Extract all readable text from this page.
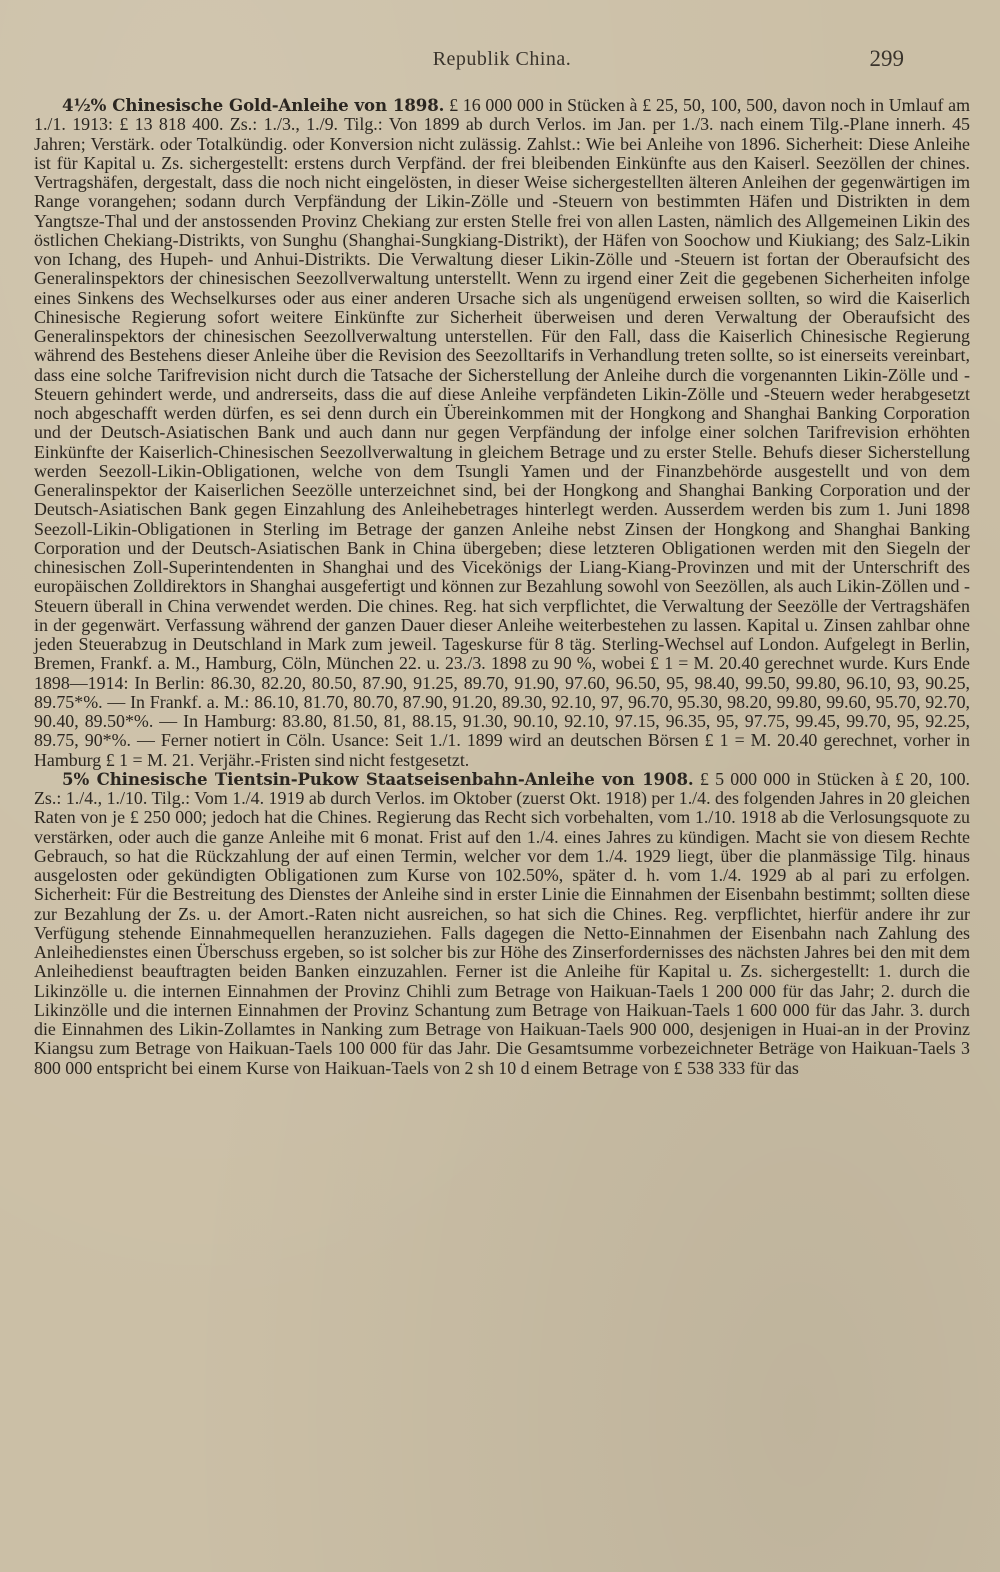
Republik China.	299

4½% Chinesische Gold-Anleihe von 1898. £ 16 000 000 in Stücken à £ 25, 50, 100, 500, davon noch in Umlauf am 1./1. 1913: £ 13 818 400. Zs.: 1./3., 1./9. Tilg.: Von 1899 ab durch Verlos. im Jan. per 1./3. nach einem Tilg.-Plane innerh. 45 Jahren; Verstärk. oder Totalkündig. oder Konversion nicht zulässig. Zahlst.: Wie bei Anleihe von 1896. Sicherheit: Diese Anleihe ist für Kapital u. Zs. sichergestellt: erstens durch Verpfänd. der frei bleibenden Einkünfte aus den Kaiserl. Seezöllen der chines. Vertragshäfen, dergestalt, dass die noch nicht eingelösten, in dieser Weise sichergestellten älteren Anleihen der gegenwärtigen im Range vorangehen; sodann durch Verpfändung der Likin-Zölle und -Steuern von bestimmten Häfen und Distrikten in dem Yangtsze-Thal und der anstossenden Provinz Chekiang zur ersten Stelle frei von allen Lasten, nämlich des Allgemeinen Likin des östlichen Chekiang-Distrikts, von Sunghu (Shanghai-Sungkiang-Distrikt), der Häfen von Soochow und Kiukiang; des Salz-Likin von Ichang, des Hupeh- und Anhui-Distrikts. Die Verwaltung dieser Likin-Zölle und -Steuern ist fortan der Oberaufsicht des Generalinspektors der chinesischen Seezollverwaltung unterstellt. Wenn zu irgend einer Zeit die gegebenen Sicherheiten infolge eines Sinkens des Wechselkurses oder aus einer anderen Ursache sich als ungenügend erweisen sollten, so wird die Kaiserlich Chinesische Regierung sofort weitere Einkünfte zur Sicherheit überweisen und deren Verwaltung der Oberaufsicht des Generalinspektors der chinesischen Seezollverwaltung unterstellen. Für den Fall, dass die Kaiserlich Chinesische Regierung während des Bestehens dieser Anleihe über die Revision des Seezolltarifs in Verhandlung treten sollte, so ist einerseits vereinbart, dass eine solche Tarifrevision nicht durch die Tatsache der Sicherstellung der Anleihe durch die vorgenannten Likin-Zölle und -Steuern gehindert werde, und andrerseits, dass die auf diese Anleihe verpfändeten Likin-Zölle und -Steuern weder herabgesetzt noch abgeschafft werden dürfen, es sei denn durch ein Übereinkommen mit der Hongkong and Shanghai Banking Corporation und der Deutsch-Asiatischen Bank und auch dann nur gegen Verpfändung der infolge einer solchen Tarifrevision erhöhten Einkünfte der Kaiserlich-Chinesischen Seezollverwaltung in gleichem Betrage und zu erster Stelle. Behufs dieser Sicherstellung werden Seezoll-Likin-Obligationen, welche von dem Tsungli Yamen und der Finanzbehörde ausgestellt und von dem Generalinspektor der Kaiserlichen Seezölle unterzeichnet sind, bei der Hongkong and Shanghai Banking Corporation und der Deutsch-Asiatischen Bank gegen Einzahlung des Anleihebetrages hinterlegt werden. Ausserdem werden bis zum 1. Juni 1898 Seezoll-Likin-Obligationen in Sterling im Betrage der ganzen Anleihe nebst Zinsen der Hongkong and Shanghai Banking Corporation und der Deutsch-Asiatischen Bank in China übergeben; diese letzteren Obligationen werden mit den Siegeln der chinesischen Zoll-Superintendenten in Shanghai und des Vicekönigs der Liang-Kiang-Provinzen und mit der Unterschrift des europäischen Zolldirektors in Shanghai ausgefertigt und können zur Bezahlung sowohl von Seezöllen, als auch Likin-Zöllen und -Steuern überall in China verwendet werden. Die chines. Reg. hat sich verpflichtet, die Verwaltung der Seezölle der Vertragshäfen in der gegenwärt. Verfassung während der ganzen Dauer dieser Anleihe weiterbestehen zu lassen. Kapital u. Zinsen zahlbar ohne jeden Steuerabzug in Deutschland in Mark zum jeweil. Tageskurse für 8 täg. Sterling-Wechsel auf London. Aufgelegt in Berlin, Bremen, Frankf. a. M., Hamburg, Cöln, München 22. u. 23./3. 1898 zu 90 %, wobei £ 1 = M. 20.40 gerechnet wurde. Kurs Ende 1898—1914: In Berlin: 86.30, 82.20, 80.50, 87.90, 91.25, 89.70, 91.90, 97.60, 96.50, 95, 98.40, 99.50, 99.80, 96.10, 93, 90.25, 89.75*%. — In Frankf. a. M.: 86.10, 81.70, 80.70, 87.90, 91.20, 89.30, 92.10, 97, 96.70, 95.30, 98.20, 99.80, 99.60, 95.70, 92.70, 90.40, 89.50*%. — In Hamburg: 83.80, 81.50, 81, 88.15, 91.30, 90.10, 92.10, 97.15, 96.35, 95, 97.75, 99.45, 99.70, 95, 92.25, 89.75, 90*%. — Ferner notiert in Cöln. Usance: Seit 1./1. 1899 wird an deutschen Börsen £ 1 = M. 20.40 gerechnet, vorher in Hamburg £ 1 = M. 21. Verjähr.-Fristen sind nicht festgesetzt.

5% Chinesische Tientsin-Pukow Staatseisenbahn-Anleihe von 1908. £ 5 000 000 in Stücken à £ 20, 100. Zs.: 1./4., 1./10. Tilg.: Vom 1./4. 1919 ab durch Verlos. im Oktober (zuerst Okt. 1918) per 1./4. des folgenden Jahres in 20 gleichen Raten von je £ 250 000; jedoch hat die Chines. Regierung das Recht sich vorbehalten, vom 1./10. 1918 ab die Verlosungsquote zu verstärken, oder auch die ganze Anleihe mit 6 monat. Frist auf den 1./4. eines Jahres zu kündigen. Macht sie von diesem Rechte Gebrauch, so hat die Rückzahlung der auf einen Termin, welcher vor dem 1./4. 1929 liegt, über die planmässige Tilg. hinaus ausgelosten oder gekündigten Obligationen zum Kurse von 102.50%, später d. h. vom 1./4. 1929 ab al pari zu erfolgen. Sicherheit: Für die Bestreitung des Dienstes der Anleihe sind in erster Linie die Einnahmen der Eisenbahn bestimmt; sollten diese zur Bezahlung der Zs. u. der Amort.-Raten nicht ausreichen, so hat sich die Chines. Reg. verpflichtet, hierfür andere ihr zur Verfügung stehende Einnahmequellen heranzuziehen. Falls dagegen die Netto-Einnahmen der Eisenbahn nach Zahlung des Anleihedienstes einen Überschuss ergeben, so ist solcher bis zur Höhe des Zinserfordernisses des nächsten Jahres bei den mit dem Anleihedienst beauftragten beiden Banken einzuzahlen. Ferner ist die Anleihe für Kapital u. Zs. sichergestellt: 1. durch die Likinzölle u. die internen Einnahmen der Provinz Chihli zum Betrage von Haikuan-Taels 1 200 000 für das Jahr; 2. durch die Likinzölle und die internen Einnahmen der Provinz Schantung zum Betrage von Haikuan-Taels 1 600 000 für das Jahr. 3. durch die Einnahmen des Likin-Zollamtes in Nanking zum Betrage von Haikuan-Taels 900 000, desjenigen in Huai-an in der Provinz Kiangsu zum Betrage von Haikuan-Taels 100 000 für das Jahr. Die Gesamtsumme vorbezeichneter Beträge von Haikuan-Taels 3 800 000 entspricht bei einem Kurse von Haikuan-Taels von 2 sh 10 d einem Betrage von £ 538 333 für das
